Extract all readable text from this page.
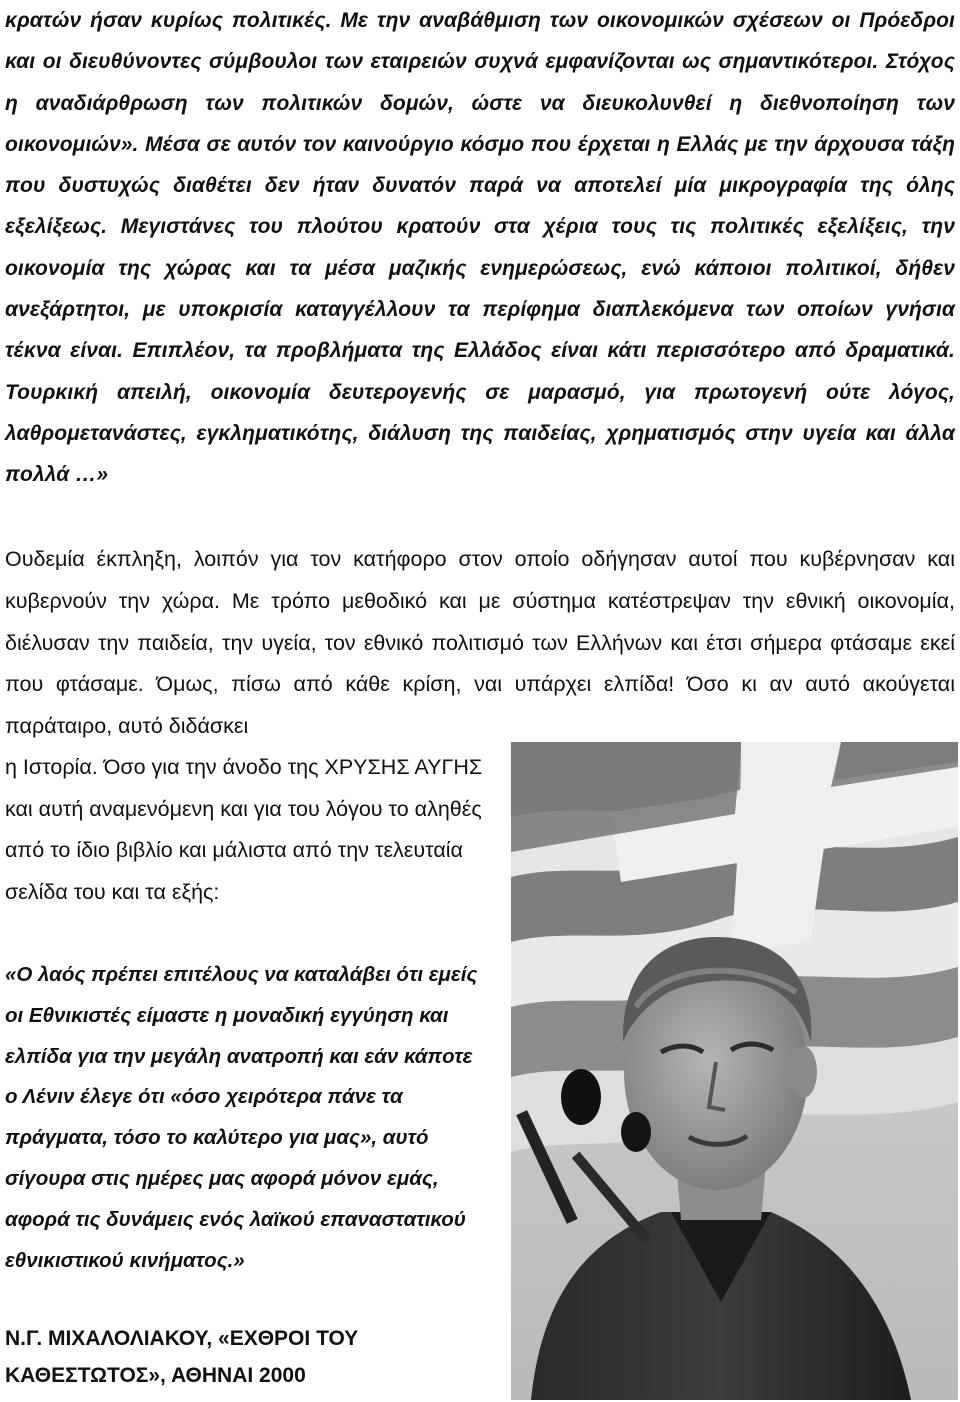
κρατών ήσαν κυρίως πολιτικές. Με την αναβάθμιση των οικονομικών σχέσεων οι Πρόεδροι και οι διευθύνοντες σύμβουλοι των εταιρειών συχνά εμφανίζονται ως σημαντικότεροι. Στόχος η αναδιάρθρωση των πολιτικών δομών, ώστε να διευκολυνθεί η διεθνοποίηση των οικονομιών». Μέσα σε αυτόν τον καινούργιο κόσμο που έρχεται η Ελλάς με την άρχουσα τάξη που δυστυχώς διαθέτει δεν ήταν δυνατόν παρά να αποτελεί μία μικρογραφία της όλης εξελίξεως. Μεγιστάνες του πλούτου κρατούν στα χέρια τους τις πολιτικές εξελίξεις, την οικονομία της χώρας και τα μέσα μαζικής ενημερώσεως, ενώ κάποιοι πολιτικοί, δήθεν ανεξάρτητοι, με υποκρισία καταγγέλλουν τα περίφημα διαπλεκόμενα των οποίων γνήσια τέκνα είναι. Επιπλέον, τα προβλήματα της Ελλάδος είναι κάτι περισσότερο από δραματικά. Τουρκική απειλή, οικονομία δευτερογενής σε μαρασμό, για πρωτογενή ούτε λόγος, λαθρομετανάστες, εγκληματικότης, διάλυση της παιδείας, χρηματισμός στην υγεία και άλλα πολλά …»

Ουδεμία έκπληξη, λοιπόν για τον κατήφορο στον οποίο οδήγησαν αυτοί που κυβέρνησαν και κυβερνούν την χώρα. Με τρόπο μεθοδικό και με σύστημα κατέστρεψαν την εθνική οικονομία, διέλυσαν την παιδεία, την υγεία, τον εθνικό πολιτισμό των Ελλήνων και έτσι σήμερα φτάσαμε εκεί που φτάσαμε. Όμως, πίσω από κάθε κρίση, ναι υπάρχει ελπίδα! Όσο κι αν αυτό ακούγεται παράταιρο, αυτό διδάσκει

η Ιστορία. Όσο για την άνοδο της ΧΡΥΣΗΣ ΑΥΓΗΣ και αυτή αναμενόμενη και για του λόγου το αληθές από το ίδιο βιβλίο και μάλιστα από την τελευταία σελίδα του και τα εξής:

«Ο λαός πρέπει επιτέλους να καταλάβει ότι εμείς οι Εθνικιστές είμαστε η μοναδική εγγύηση και ελπίδα για την μεγάλη ανατροπή και εάν κάποτε ο Λένιν έλεγε ότι «όσο χειρότερα πάνε τα πράγματα, τόσο το καλύτερο για μας», αυτό σίγουρα στις ημέρες μας αφορά μόνον εμάς, αφορά τις δυνάμεις ενός λαϊκού επαναστατικού εθνικιστικού κινήματος.»

Ν.Γ. ΜΙΧΑΛΟΛΙΑΚΟΥ, «ΕΧΘΡΟΙ ΤΟΥ
ΚΑΘΕΣΤΩΤΟΣ», ΑΘΗΝΑΙ 2000
